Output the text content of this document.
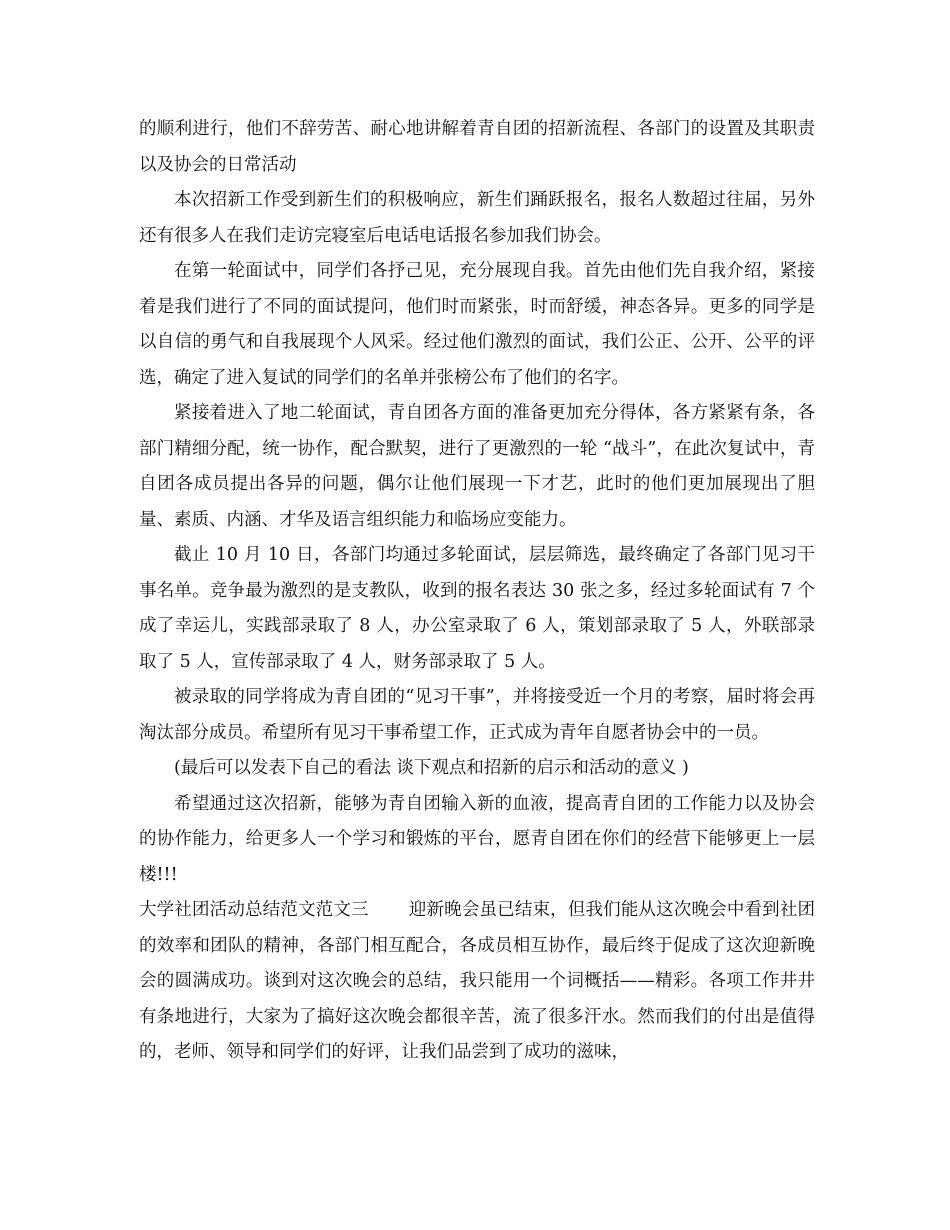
的顺利进行，他们不辞劳苦、耐心地讲解着青自团的招新流程、各部门的设置及其职责以及协会的日常活动

本次招新工作受到新生们的积极响应，新生们踊跃报名，报名人数超过往届，另外还有很多人在我们走访完寝室后电话电话报名参加我们协会。

在第一轮面试中，同学们各抒己见，充分展现自我。首先由他们先自我介绍，紧接着是我们进行了不同的面试提问，他们时而紧张，时而舒缓，神态各异。更多的同学是以自信的勇气和自我展现个人风采。经过他们激烈的面试，我们公正、公开、公平的评选，确定了进入复试的同学们的名单并张榜公布了他们的名字。

紧接着进入了地二轮面试，青自团各方面的准备更加充分得体，各方紧紧有条，各部门精细分配，统一协作，配合默契，进行了更激烈的一轮 “战斗”，在此次复试中，青自团各成员提出各异的问题，偶尔让他们展现一下才艺，此时的他们更加展现出了胆量、素质、内涵、才华及语言组织能力和临场应变能力。

截止 10 月 10 日，各部门均通过多轮面试，层层筛选，最终确定了各部门见习干事名单。竞争最为激烈的是支教队，收到的报名表达 30 张之多，经过多轮面试有 7 个成了幸运儿，实践部录取了 8 人，办公室录取了 6 人，策划部录取了 5 人，外联部录取了 5 人，宣传部录取了 4 人，财务部录取了 5 人。

被录取的同学将成为青自团的“见习干事”，并将接受近一个月的考察，届时将会再淘汰部分成员。希望所有见习干事希望工作，正式成为青年自愿者协会中的一员。

(最后可以发表下自己的看法 谈下观点和招新的启示和活动的意义 )

希望通过这次招新，能够为青自团输入新的血液，提高青自团的工作能力以及协会的协作能力，给更多人一个学习和锻炼的平台，愿青自团在你们的经营下能够更上一层楼!!!

大学社团活动总结范文范文三 迎新晚会虽已结束，但我们能从这次晚会中看到社团的效率和团队的精神，各部门相互配合，各成员相互协作，最后终于促成了这次迎新晚会的圆满成功。谈到对这次晚会的总结，我只能用一个词概括——精彩。各项工作井井有条地进行，大家为了搞好这次晚会都很辛苦，流了很多汗水。然而我们的付出是值得的，老师、领导和同学们的好评，让我们品尝到了成功的滋味，
